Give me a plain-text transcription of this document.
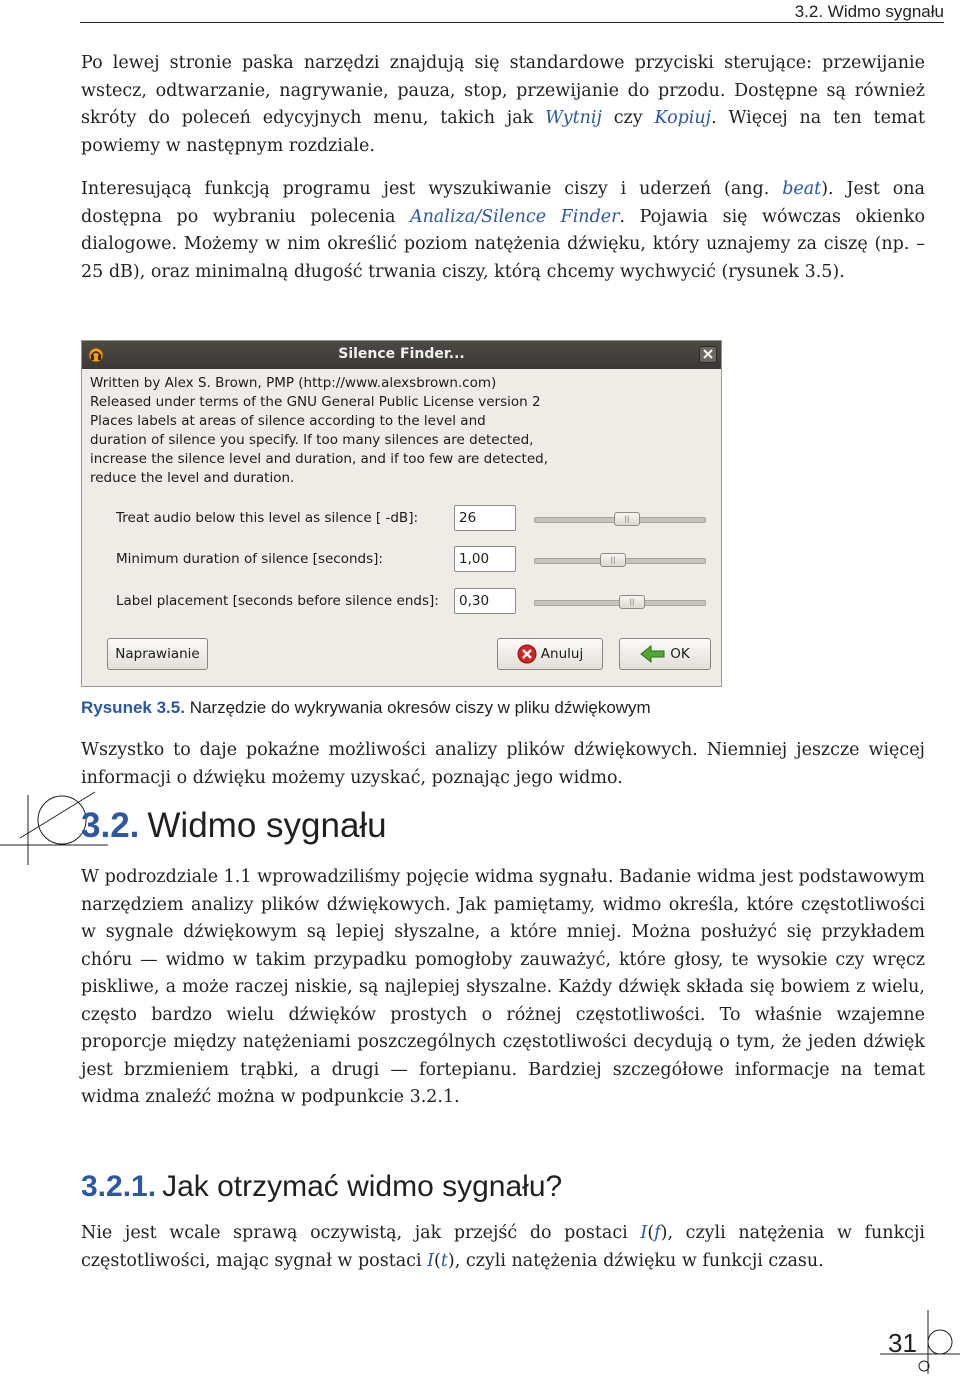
3.2. Widmo sygnału

Po lewej stronie paska narzędzi znajdują się standardowe przyciski sterujące: przewijanie wstecz, odtwarzanie, nagrywanie, pauza, stop, przewijanie do przodu. Dostępne są również skróty do poleceń edycyjnych menu, takich jak Wytnij czy Kopiuj. Więcej na ten temat powiemy w następnym rozdziale.

Interesującą funkcją programu jest wyszukiwanie ciszy i uderzeń (ang. beat). Jest ona dostępna po wybraniu polecenia Analiza/Silence Finder. Pojawia się wówczas okienko dialogowe. Możemy w nim określić poziom natężenia dźwięku, który uznajemy za ciszę (np. –25 dB), oraz minimalną długość trwania ciszy, którą chcemy wychwycić (rysunek 3.5).

Silence Finder...
Written by Alex S. Brown, PMP (http://www.alexsbrown.com)
Released under terms of the GNU General Public License version 2
Places labels at areas of silence according to the level and
duration of silence you specify. If too many silences are detected,
increase the silence level and duration, and if too few are detected,
reduce the level and duration.
Treat audio below this level as silence [ -dB]:
26	||
Minimum duration of silence [seconds]:
1,00	||
Label placement [seconds before silence ends]:
0,30	||
Naprawianie	Anuluj	OK
Rysunek 3.5. Narzędzie do wykrywania okresów ciszy w pliku dźwiękowym

Wszystko to daje pokaźne możliwości analizy plików dźwiękowych. Niemniej jeszcze więcej informacji o dźwięku możemy uzyskać, poznając jego widmo.

3.2. Widmo sygnału

W podrozdziale 1.1 wprowadziliśmy pojęcie widma sygnału. Badanie widma jest podstawowym narzędziem analizy plików dźwiękowych. Jak pamiętamy, widmo określa, które częstotliwości w sygnale dźwiękowym są lepiej słyszalne, a które mniej. Można posłużyć się przykładem chóru — widmo w takim przypadku pomogłoby zauważyć, które głosy, te wysokie czy wręcz piskliwe, a może raczej niskie, są najlepiej słyszalne. Każdy dźwięk składa się bowiem z wielu, często bardzo wielu dźwięków prostych o różnej częstotliwości. To właśnie wzajemne proporcje między natężeniami poszczególnych częstotliwości decydują o tym, że jeden dźwięk jest brzmieniem trąbki, a drugi — fortepianu. Bardziej szczegółowe informacje na temat widma znaleźć można w podpunkcie 3.2.1.

3.2.1. Jak otrzymać widmo sygnału?

Nie jest wcale sprawą oczywistą, jak przejść do postaci I(f), czyli natężenia w funkcji częstotliwości, mając sygnał w postaci I(t), czyli natężenia dźwięku w funkcji czasu.

31
